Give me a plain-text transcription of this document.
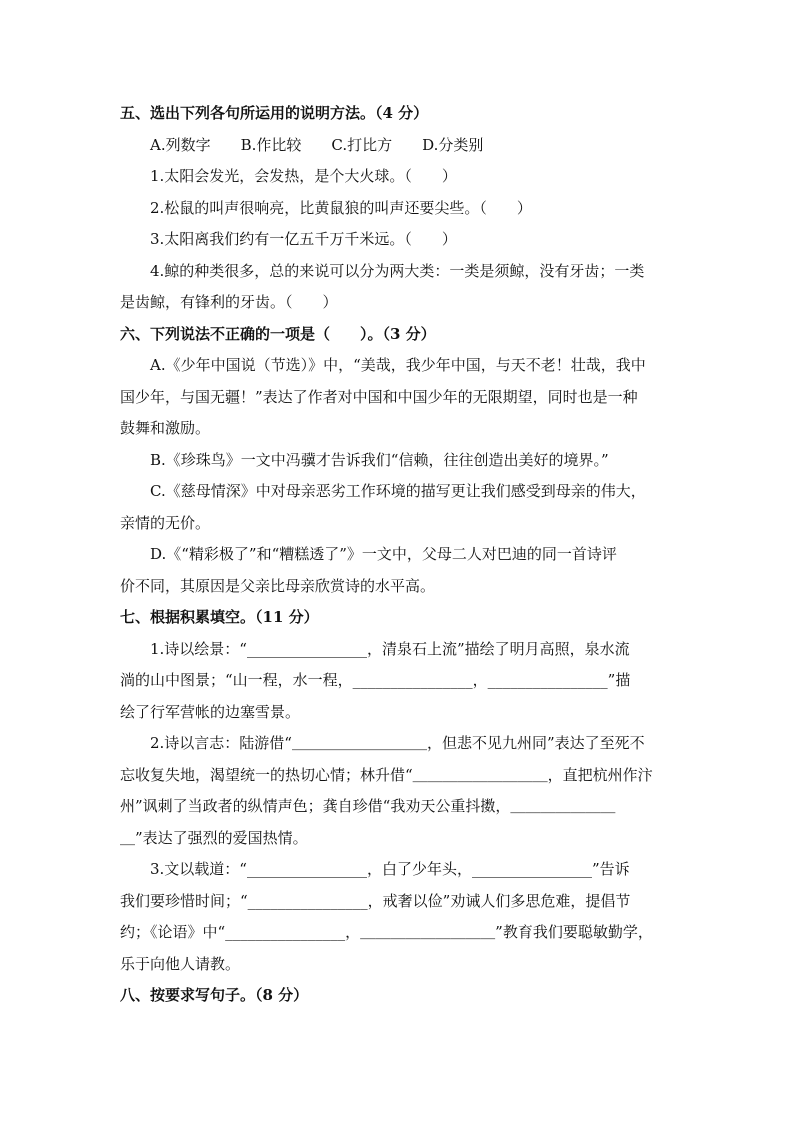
五、选出下列各句所运用的说明方法。（4 分）
A.列数字　　B.作比较　　C.打比方　　D.分类别
1.太阳会发光，会发热，是个大火球。（　　）
2.松鼠的叫声很响亮，比黄鼠狼的叫声还要尖些。（　　）
3.太阳离我们约有一亿五千万千米远。（　　）
4.鲸的种类很多，总的来说可以分为两大类：一类是须鲸，没有牙齿；一类
是齿鲸，有锋利的牙齿。（　　）
六、下列说法不正确的一项是（　　）。（3 分）
A.《少年中国说（节选）》中，“美哉，我少年中国，与天不老！壮哉，我中
国少年，与国无疆！”表达了作者对中国和中国少年的无限期望，同时也是一种
鼓舞和激励。
B.《珍珠鸟》一文中冯骥才告诉我们“信赖，往往创造出美好的境界。”
C.《慈母情深》中对母亲恶劣工作环境的描写更让我们感受到母亲的伟大，
亲情的无价。
D.《“精彩极了”和“糟糕透了”》一文中，父母二人对巴迪的同一首诗评
价不同，其原因是父亲比母亲欣赏诗的水平高。
七、根据积累填空。（11 分）
1.诗以绘景：“________________，清泉石上流”描绘了明月高照，泉水流
淌的山中图景；“山一程，水一程，________________，________________”描
绘了行军营帐的边塞雪景。
2.诗以言志：陆游借“＿＿＿＿＿＿＿＿＿，但悲不见九州同”表达了至死不
忘收复失地，渴望统一的热切心情；林升借“＿＿＿＿＿＿＿＿＿，直把杭州作汴
州”讽刺了当政者的纵情声色；龚自珍借“我劝天公重抖擞，＿＿＿＿＿＿＿
＿”表达了强烈的爱国热情。
3.文以载道：“________________，白了少年头，________________”告诉
我们要珍惜时间；“________________，戒奢以俭”劝诫人们多思危难，提倡节
约；《论语》中“________________，＿＿＿＿＿＿＿＿＿”教育我们要聪敏勤学，
乐于向他人请教。
八、按要求写句子。（8 分）
